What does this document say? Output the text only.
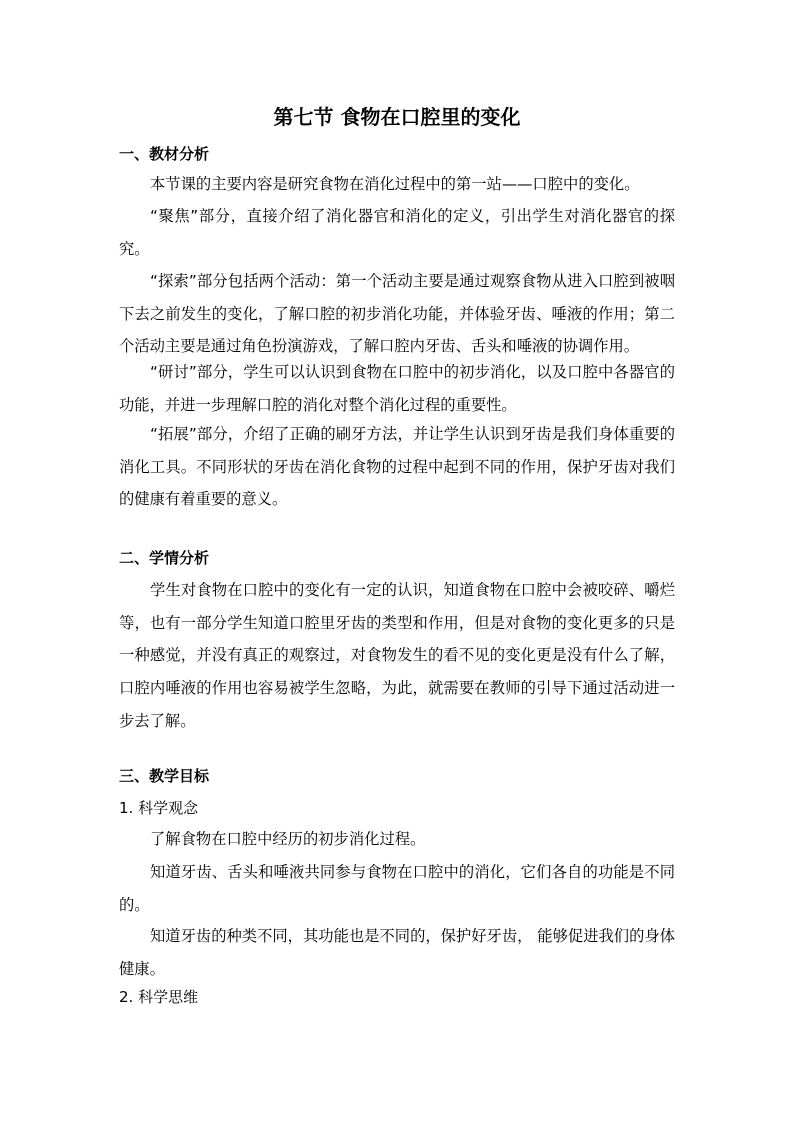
第七节 食物在口腔里的变化
一、教材分析

本节课的主要内容是研究食物在消化过程中的第一站——口腔中的变化。

“聚焦”部分，直接介绍了消化器官和消化的定义，引出学生对消化器官的探究。

“探索”部分包括两个活动：第一个活动主要是通过观察食物从进入口腔到被咽下去之前发生的变化，了解口腔的初步消化功能，并体验牙齿、唾液的作用；第二个活动主要是通过角色扮演游戏，了解口腔内牙齿、舌头和唾液的协调作用。

“研讨”部分，学生可以认识到食物在口腔中的初步消化，以及口腔中各器官的功能，并进一步理解口腔的消化对整个消化过程的重要性。

“拓展”部分，介绍了正确的刷牙方法，并让学生认识到牙齿是我们身体重要的消化工具。不同形状的牙齿在消化食物的过程中起到不同的作用，保护牙齿对我们的健康有着重要的意义。

二、学情分析

学生对食物在口腔中的变化有一定的认识，知道食物在口腔中会被咬碎、嚼烂等，也有一部分学生知道口腔里牙齿的类型和作用，但是对食物的变化更多的只是一种感觉，并没有真正的观察过，对食物发生的看不见的变化更是没有什么了解，口腔内唾液的作用也容易被学生忽略，为此，就需要在教师的引导下通过活动进一步去了解。

三、教学目标
1. 科学观念

了解食物在口腔中经历的初步消化过程。

知道牙齿、舌头和唾液共同参与食物在口腔中的消化，它们各自的功能是不同的。

知道牙齿的种类不同，其功能也是不同的，保护好牙齿， 能够促进我们的身体健康。

2. 科学思维
